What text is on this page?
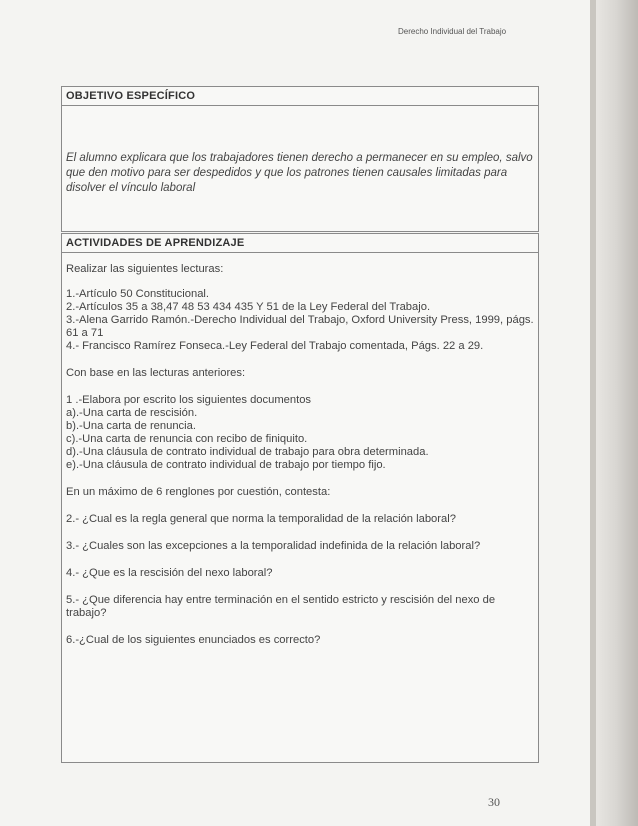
Derecho Individual del Trabajo
OBJETIVO ESPECÍFICO
El alumno explicara que los trabajadores tienen derecho a permanecer en su empleo, salvo que den motivo para ser despedidos y que los patrones tienen causales limitadas para disolver el vínculo laboral
ACTIVIDADES DE APRENDIZAJE

Realizar las siguientes lecturas:

1.-Artículo 50 Constitucional.

2.-Artículos 35 a 38,47 48 53 434 435 Y 51 de la Ley Federal del Trabajo.

3.-Alena Garrido Ramón.-Derecho Individual del Trabajo, Oxford University Press, 1999, págs. 61 a 71

4.- Francisco Ramírez Fonseca.-Ley Federal del Trabajo comentada, Págs. 22 a 29.

Con base en las lecturas anteriores:

1 .-Elabora por escrito los siguientes documentos

a).-Una carta de rescisión.

b).-Una carta de renuncia.

c).-Una carta de renuncia con recibo de finiquito.

d).-Una cláusula de contrato individual de trabajo para obra determinada.

e).-Una cláusula de contrato individual de trabajo por tiempo fijo.

En un máximo de 6 renglones por cuestión, contesta:

2.- ¿Cual es la regla general que norma la temporalidad de la relación laboral?

3.- ¿Cuales son las excepciones a la temporalidad indefinida de la relación laboral?

4.- ¿Que es la rescisión del nexo laboral?

5.- ¿Que diferencia hay entre terminación en el sentido estricto y rescisión del nexo de trabajo?

6.-¿Cual de los siguientes enunciados es correcto?

30
